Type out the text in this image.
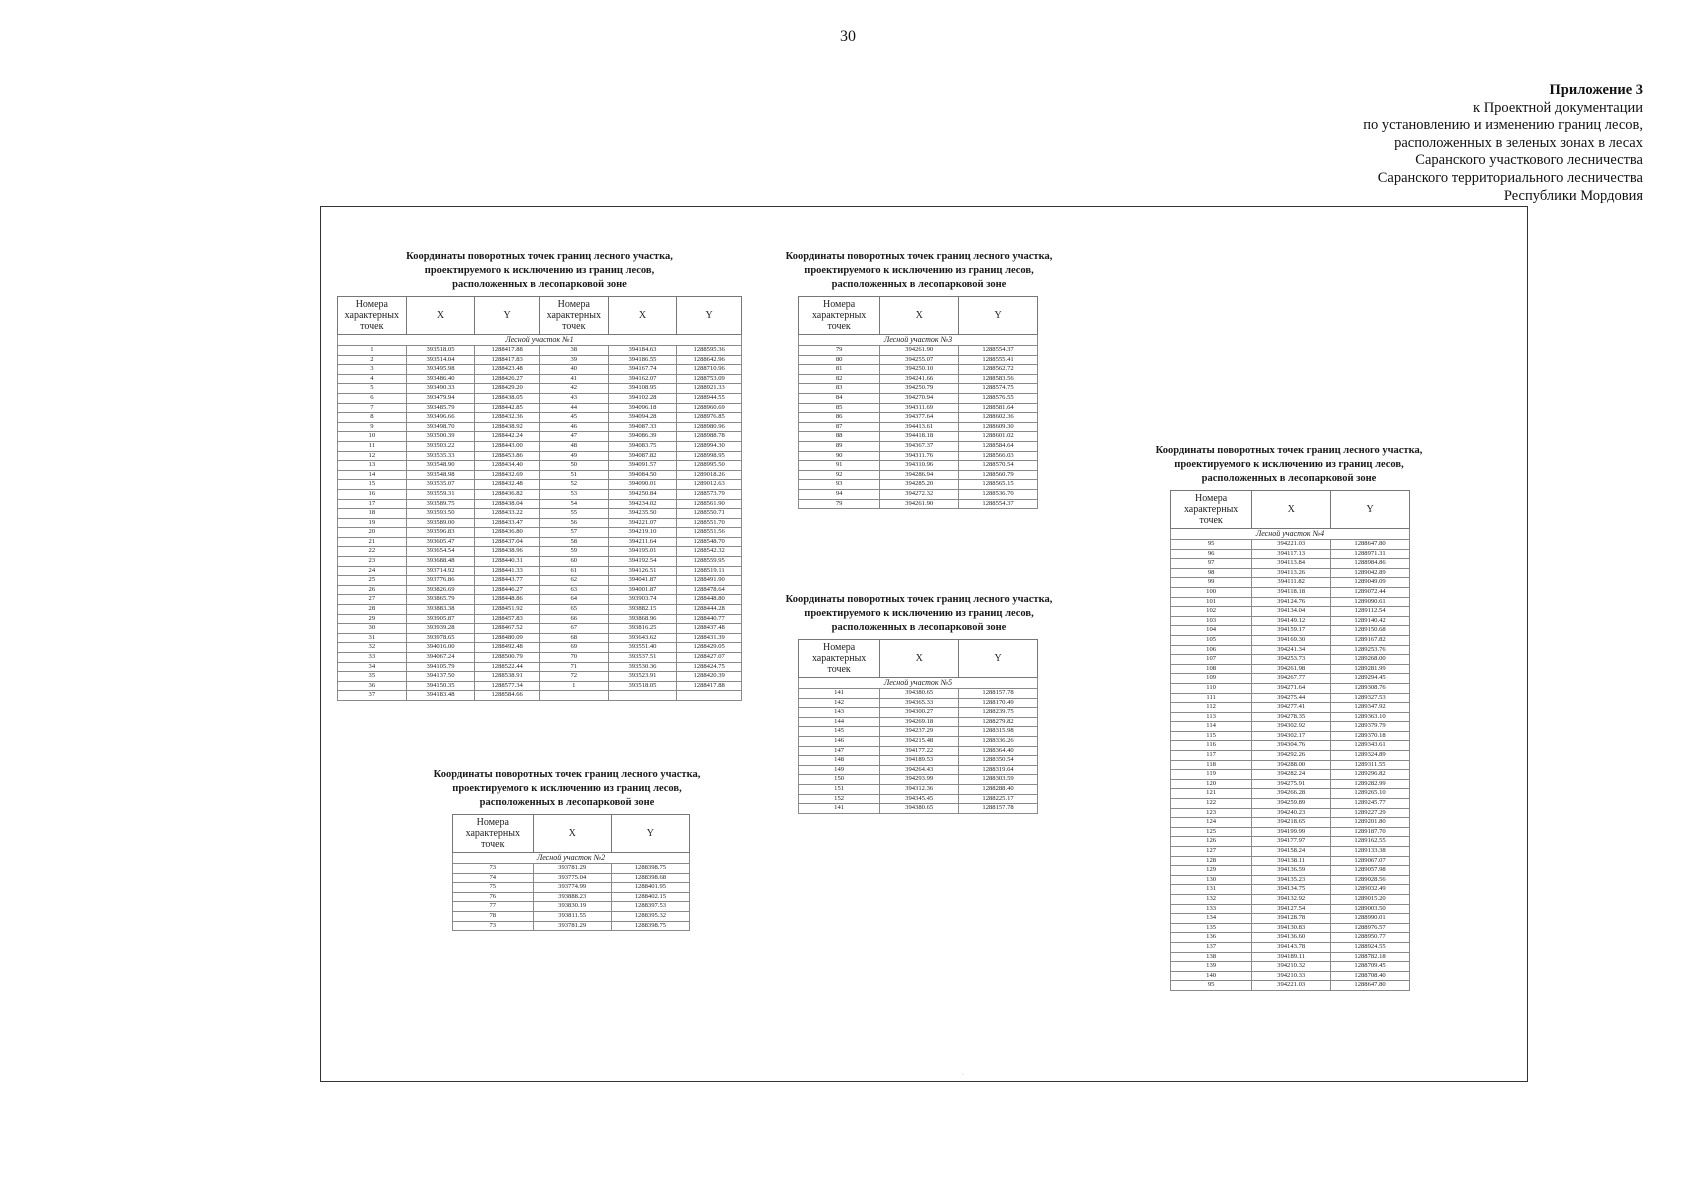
30
Приложение 3
к Проектной документации
по установлению и изменению границ лесов,
расположенных в зеленых зонах в лесах
Саранского участкового лесничества
Саранского территориального лесничества
Республики Мордовия
Координаты поворотных точек границ лесного участка,
проектируемого к исключению из границ лесов,
расположенных в лесопарковой зоне
Номера характерных точек	X	Y	Номера характерных точек	X	Y
Лесной участок №1					
1	393518.05	1288417.88	38	394184.63	1288595.36
2	393514.04	1288417.83	39	394186.55	1288642.96
3	393495.98	1288423.48	40	394167.74	1288710.96
4	393486.40	1288426.27	41	394162.07	1288753.09
5	393490.33	1288429.20	42	394108.95	1288921.33
6	393479.94	1288438.05	43	394102.28	1288944.55
7	393485.79	1288442.85	44	394096.18	1288960.69
8	393496.66	1288432.36	45	394094.28	1288976.85
9	393498.70	1288438.92	46	394087.33	1288980.96
10	393500.39	1288442.24	47	394086.39	1288988.78
11	393503.22	1288443.00	48	394083.75	1288994.30
12	393535.33	1288453.86	49	394087.82	1288998.95
13	393548.90	1288434.40	50	394091.57	1288995.50
14	393548.98	1288432.69	51	394084.50	1289018.26
15	393535.07	1288432.48	52	394090.01	1289012.63
16	393559.31	1288436.82	53	394250.84	1288573.79
17	393589.75	1288438.04	54	394234.02	1288561.90
18	393593.50	1288433.22	55	394235.50	1288550.71
19	393589.00	1288433.47	56	394221.07	1288551.70
20	393596.83	1288436.80	57	394219.10	1288551.56
21	393605.47	1288437.04	58	394211.64	1288548.70
22	393654.54	1288438.96	59	394195.01	1288542.32
23	393688.48	1288440.31	60	394192.54	1288559.95
24	393714.92	1288441.33	61	394126.51	1288519.11
25	393776.86	1288443.77	62	394041.87	1288491.90
26	393826.69	1288446.27	63	394001.87	1288478.64
27	393865.79	1288448.86	64	393903.74	1288448.80
28	393883.38	1288451.92	65	393882.15	1288444.28
29	393905.87	1288457.83	66	393868.96	1288440.77
30	393939.28	1288467.52	67	393816.25	1288437.48
31	393978.65	1288480.09	68	393643.62	1288431.39
32	394016.00	1288492.48	69	393551.40	1288429.05
33	394067.24	1288500.79	70	393537.51	1288427.07
34	394105.79	1288522.44	71	393530.36	1288424.75
35	394137.50	1288538.91	72	393523.91	1288420.39
36	394150.35	1288577.34	1	393518.05	1288417.88
37	394183.48	1288584.66			
Координаты поворотных точек границ лесного участка,
проектируемого к исключению из границ лесов,
расположенных в лесопарковой зоне
Номера характерных точек	X	Y
Лесной участок №2		
73	393781.29	1288398.75
74	393775.04	1288398.68
75	393774.99	1288401.95
76	393888.23	1288402.15
77	393830.19	1288397.53
78	393811.55	1288395.32
73	393781.29	1288398.75
Координаты поворотных точек границ лесного участка,
проектируемого к исключению из границ лесов,
расположенных в лесопарковой зоне
Номера характерных точек	X	Y
Лесной участок №3		
79	394261.90	1288554.37
80	394255.07	1288555.41
81	394250.10	1288562.72
82	394241.66	1288583.56
83	394250.79	1288574.75
84	394270.94	1288576.55
85	394311.69	1288581.64
86	394377.64	1288602.36
87	394413.61	1288609.30
88	394418.18	1288601.02
89	394367.37	1288584.64
90	394311.76	1288566.03
91	394310.96	1288570.54
92	394286.94	1288560.79
93	394285.20	1288565.15
94	394272.32	1288536.70
79	394261.90	1288554.37
Координаты поворотных точек границ лесного участка,
проектируемого к исключению из границ лесов,
расположенных в лесопарковой зоне
Номера характерных точек	X	Y
Лесной участок №5		
141	394380.65	1288157.78
142	394365.33	1288170.49
143	394300.27	1288239.75
144	394269.18	1288279.82
145	394237.29	1288315.98
146	394215.48	1288336.26
147	394177.22	1288364.40
148	394189.53	1288350.54
149	394264.43	1288319.64
150	394293.99	1288303.59
151	394312.36	1288288.40
152	394345.45	1288225.17
141	394380.65	1288157.78
Координаты поворотных точек границ лесного участка,
проектируемого к исключению из границ лесов,
расположенных в лесопарковой зоне
Номера характерных точек	X	Y
Лесной участок №4		
95	394221.03	1288647.80
96	394117.13	1288971.31
97	394113.84	1288984.86
98	394113.26	1289042.89
99	394111.82	1289049.09
100	394118.18	1289072.44
101	394124.76	1289090.61
102	394134.04	1289112.54
103	394149.12	1289140.42
104	394159.17	1289150.68
105	394169.30	1289167.82
106	394241.34	1289253.76
107	394253.73	1289268.00
108	394261.98	1289281.99
109	394267.77	1289294.45
110	394271.64	1289308.76
111	394275.44	1289327.53
112	394277.41	1289347.92
113	394278.35	1289363.10
114	394302.92	1289379.79
115	394302.17	1289370.18
116	394304.76	1289343.61
117	394292.26	1289324.89
118	394288.00	1289311.55
119	394282.24	1289296.82
120	394275.91	1289282.99
121	394266.28	1289265.10
122	394259.89	1289245.77
123	394240.23	1289227.29
124	394218.65	1289201.80
125	394199.99	1289187.70
126	394177.97	1289162.55
127	394158.24	1289133.38
128	394138.11	1289067.07
129	394136.59	1289057.98
130	394135.23	1289028.56
131	394134.75	1289032.49
132	394132.92	1289015.20
133	394127.54	1289003.50
134	394128.78	1288990.01
135	394130.83	1288976.57
136	394136.60	1288950.77
137	394143.78	1288924.55
138	394189.11	1288782.18
139	394210.32	1288709.45
140	394210.33	1288708.40
95	394221.03	1288647.80
·
